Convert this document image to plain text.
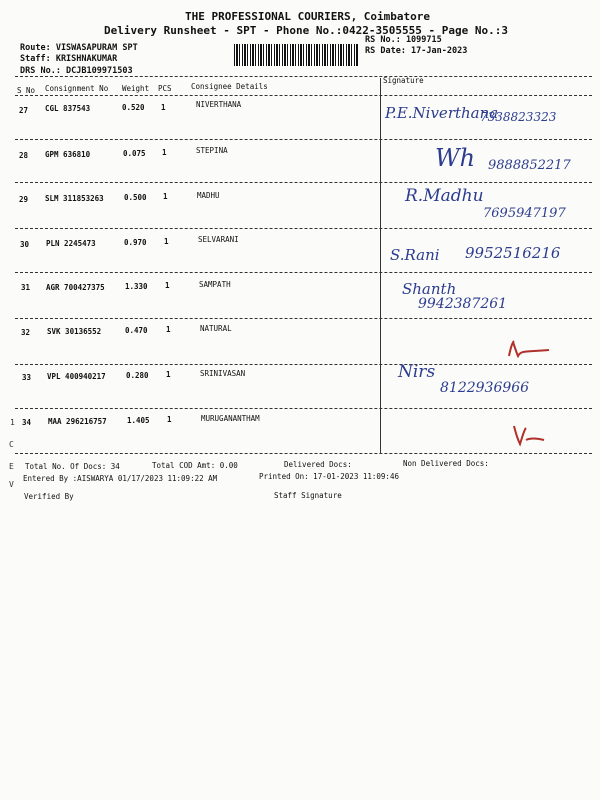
THE PROFESSIONAL COURIERS, Coimbatore
Delivery Runsheet - SPT - Phone No.:0422-3505555 - Page No.:3
Route: VISWASAPURAM SPT
Staff: KRISHNAKUMAR
DRS No.: DCJB109971503
RS No.: 1099715
RS Date: 17-Jan-2023
S No Consignment No Weight PCS	Consignee Details
Signature
27 CGL 837543	0.520 1	NIVERTHANA	P.E.Niverthana
7338823323
28 GPM 636810	0.075 1	STEPINA	Wh 9888852217
29 SLM 311853263	0.500 1	MADHU	R.Madhu
7695947197
30 PLN 2245473	0.970 1	SELVARANI
S.Rani 9952516216
31 AGR 700427375	1.330 1	SAMPATH	Shanth
9942387261
32 SVK 30136552	0.470 1	NATURAL
33 VPL 400940217	0.280 1	SRINIVASAN	Nirs
8122936966
34 MAA 296216757	1.405 1	MURUGANANTHAM
1
E
C
V
Total No. Of Docs: 34	Total COD Amt: 0.00	Delivered Docs:	Non Delivered Docs:
Entered By :AISWARYA 01/17/2023 11:09:22 AM	Printed On: 17-01-2023 11:09:46
Verified By	Staff Signature
